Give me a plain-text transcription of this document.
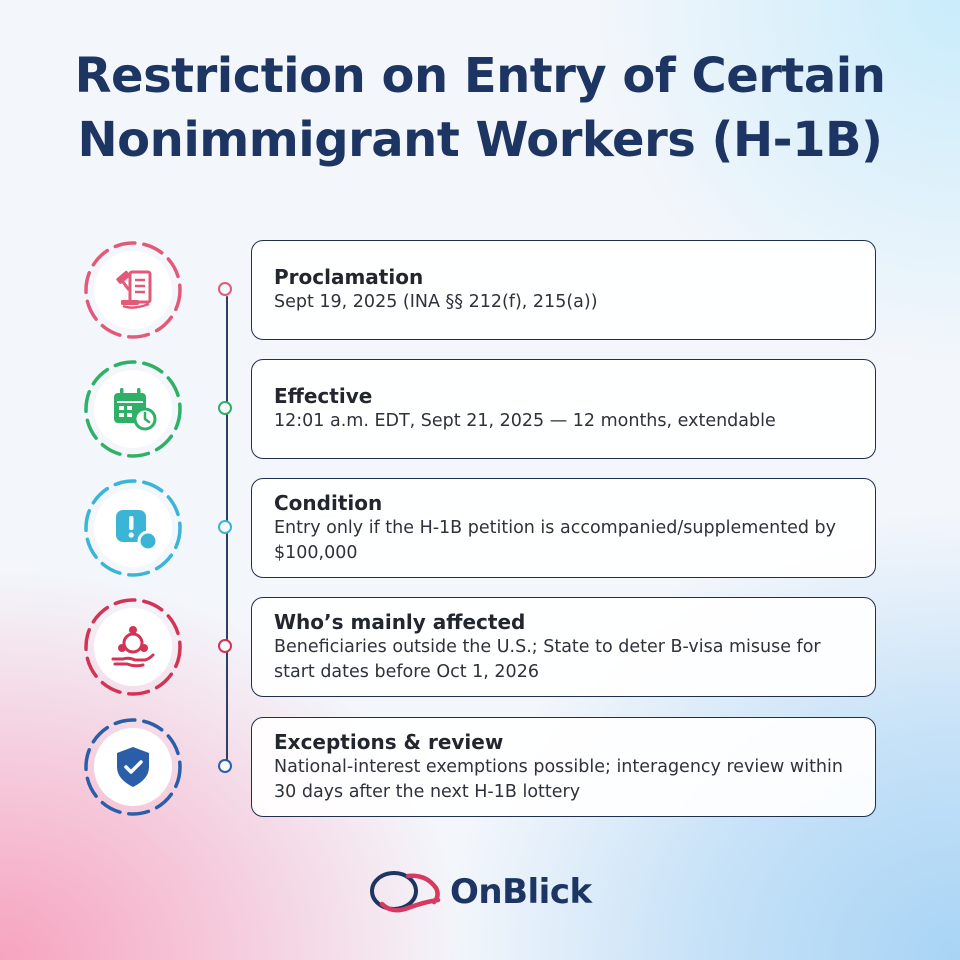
Restriction on Entry of Certain
Nonimmigrant Workers (H-1B)
Proclamation
Sept 19, 2025 (INA §§ 212(f), 215(a))
Effective
12:01 a.m. EDT, Sept 21, 2025 — 12 months, extendable
Condition
Entry only if the H-1B petition is accompanied/supplemented by $100,000
Who’s mainly affected
Beneficiaries outside the U.S.; State to deter B-visa misuse for start dates before Oct 1, 2026
Exceptions & review
National-interest exemptions possible; interagency review within 30 days after the next H-1B lottery
OnBlick
